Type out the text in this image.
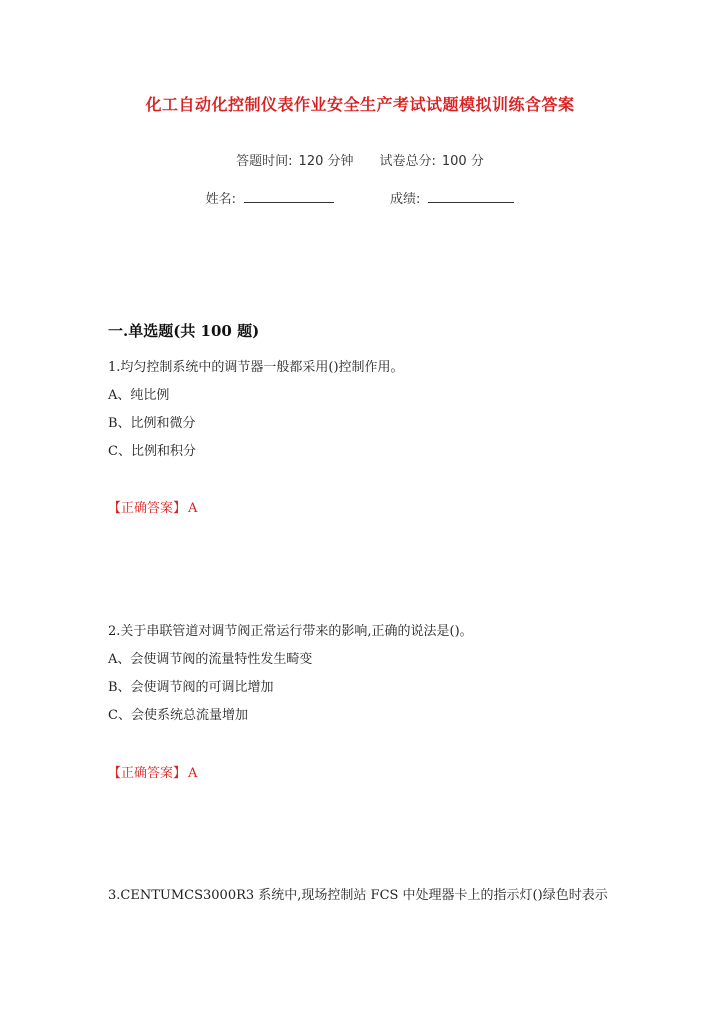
化工自动化控制仪表作业安全生产考试试题模拟训练含答案
答题时间: 120 分钟 试卷总分: 100 分
姓名:	成绩:
一.单选题(共 100 题)
1.均匀控制系统中的调节器一般都采用()控制作用。
A、纯比例
B、比例和微分
C、比例和积分
【正确答案】 A
2.关于串联管道对调节阀正常运行带来的影响,正确的说法是()。
A、会使调节阀的流量特性发生畸变
B、会使调节阀的可调比增加
C、会使系统总流量增加
【正确答案】 A
3.CENTUMCS3000R3 系统中,现场控制站 FCS 中处理器卡上的指示灯()绿色时表示
